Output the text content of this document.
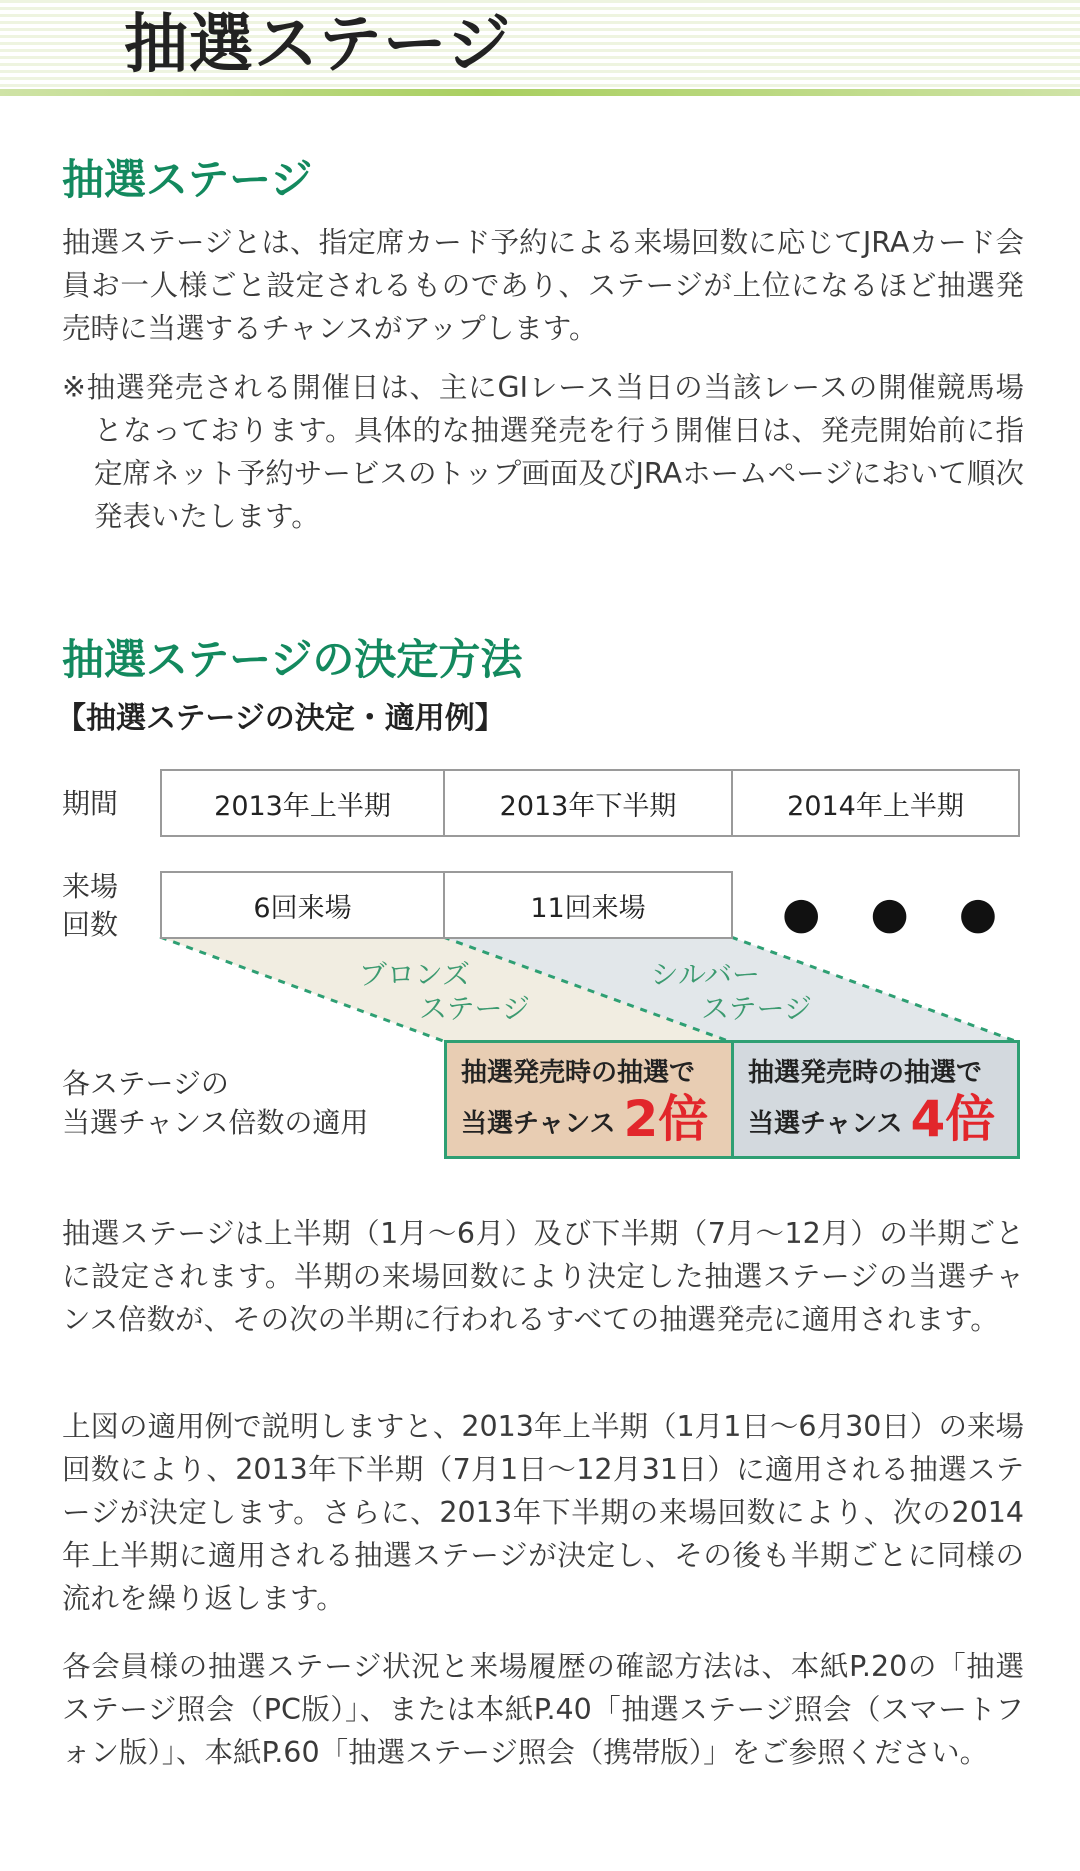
抽選ステージ
抽選ステージ

抽選ステージとは、指定席カード予約による来場回数に応じてJRAカード会員お一人様ごと設定されるものであり、ステージが上位になるほど抽選発売時に当選するチャンスがアップします。

※抽選発売される開催日は、主にGIレース当日の当該レースの開催競馬場となっております。具体的な抽選発売を行う開催日は、発売開始前に指定席ネット予約サービスのトップ画面及びJRAホームページにおいて順次発表いたします。

抽選ステージの決定方法

【抽選ステージの決定・適用例】

期間	2013年上半期	2013年下半期	2014年上半期

来場

回数	6回来場	11回来場	● ● ●

ブロンズ

ステージ

シルバー

ステージ

各ステージの

当選チャンス倍数の適用

抽選発売時の抽選で

当選チャンス 2倍

抽選発売時の抽選で

当選チャンス 4倍

抽選ステージは上半期（1月〜6月）及び下半期（7月〜12月）の半期ごとに設定されます。半期の来場回数により決定した抽選ステージの当選チャンス倍数が、その次の半期に行われるすべての抽選発売に適用されます。

上図の適用例で説明しますと、2013年上半期（1月1日〜6月30日）の来場回数により、2013年下半期（7月1日〜12月31日）に適用される抽選ステージが決定します。さらに、2013年下半期の来場回数により、次の2014年上半期に適用される抽選ステージが決定し、その後も半期ごとに同様の流れを繰り返します。

各会員様の抽選ステージ状況と来場履歴の確認方法は、本紙P.20の「抽選ステージ照会（PC版）」、または本紙P.40「抽選ステージ照会（スマートフォン版）」、本紙P.60「抽選ステージ照会（携帯版）」をご参照ください。
